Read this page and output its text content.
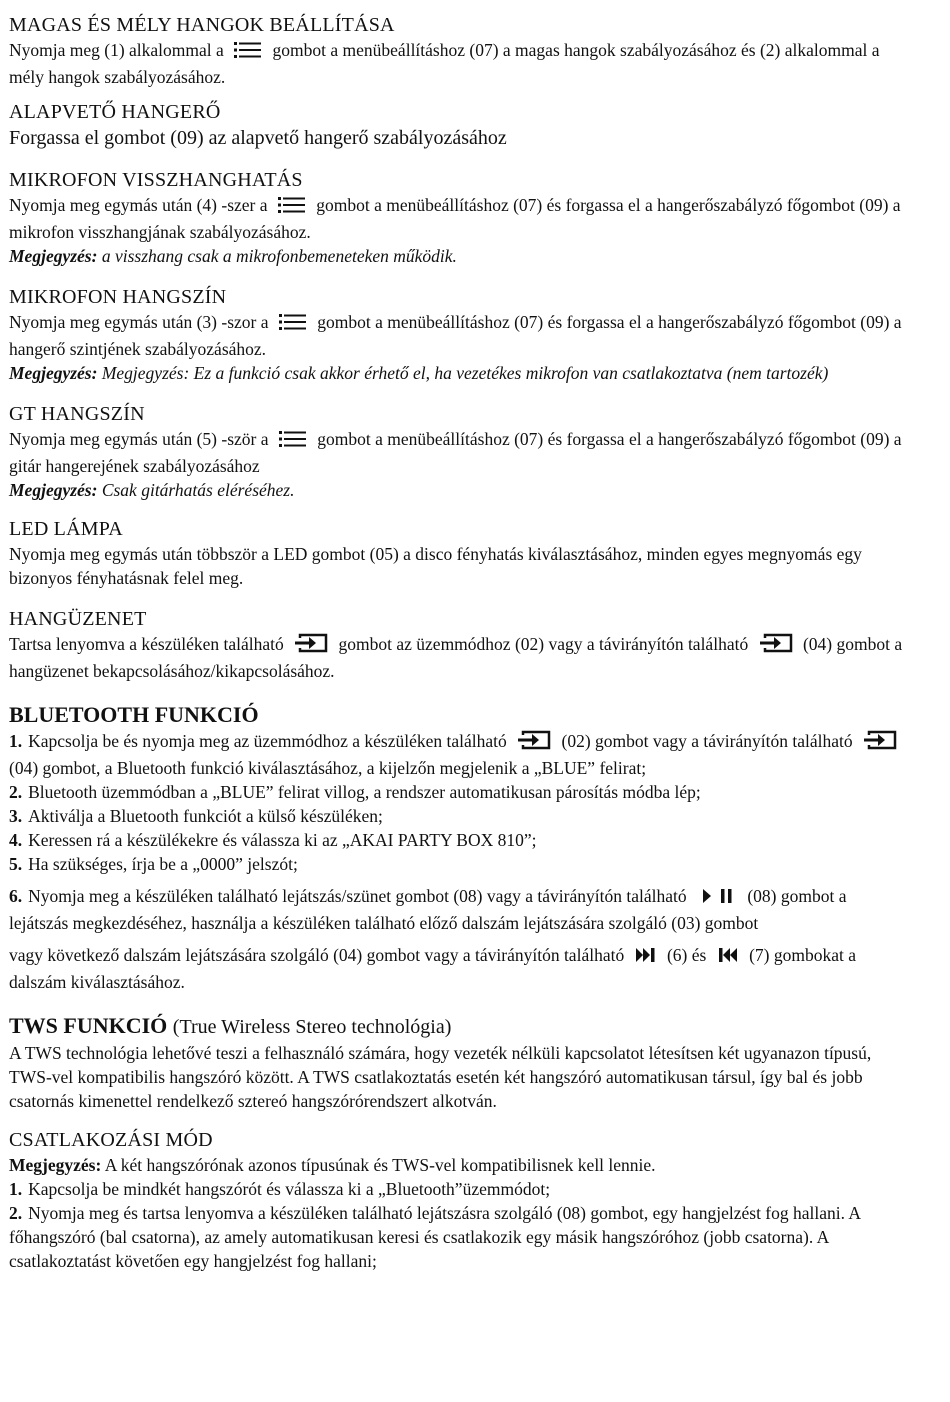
MAGAS ÉS MÉLY HANGOK BEÁLLÍTÁSA

Nyomja meg (1) alkalommal a	gombot a menübeállításhoz (07) a magas hangok szabályozásához és (2) alkalommal a mély hangok szabályozásához.

ALAPVETŐ HANGERŐ

Forgassa el gombot (09) az alapvető hangerő szabályozásához

MIKROFON VISSZHANGHATÁS

Nyomja meg egymás után (4) -szer a	gombot a menübeállításhoz (07) és forgassa el a hangerőszabályzó főgombot (09) a mikrofon visszhangjának szabályozásához.

Megjegyzés: a visszhang csak a mikrofonbemeneteken működik.

MIKROFON HANGSZÍN

Nyomja meg egymás után (3) -szor a	gombot a menübeállításhoz (07) és forgassa el a hangerőszabályzó főgombot (09) a hangerő szintjének szabályozásához.

Megjegyzés: Megjegyzés: Ez a funkció csak akkor érhető el, ha vezetékes mikrofon van csatlakoztatva (nem tartozék)

GT HANGSZÍN

Nyomja meg egymás után (5) -ször a	gombot a menübeállításhoz (07) és forgassa el a hangerőszabályzó főgombot (09) a gitár hangerejének szabályozásához

Megjegyzés: Csak gitárhatás eléréséhez.

LED LÁMPA

Nyomja meg egymás után többször a LED gombot (05) a disco fényhatás kiválasztásához, minden egyes megnyomás egy bizonyos fényhatásnak felel meg.

HANGÜZENET

Tartsa lenyomva a készüléken található	gombot az üzemmódhoz (02) vagy a távirányítón található	(04) gombot a hangüzenet bekapcsolásához/kikapcsolásához.

BLUETOOTH FUNKCIÓ

1. Kapcsolja be és nyomja meg az üzemmódhoz a készüléken található	(02) gombot vagy a távirányítón található  (04) gombot, a Bluetooth funkció kiválasztásához, a kijelzőn megjelenik a „BLUE” felirat;

2. Bluetooth üzemmódban a „BLUE” felirat villog, a rendszer automatikusan párosítás módba lép;

3. Aktiválja a Bluetooth funkciót a külső készüléken;

4. Keressen rá a készülékekre és válassza ki az „AKAI PARTY BOX 810”;

5. Ha szükséges, írja be a „0000” jelszót;

6. Nyomja meg a készüléken található lejátszás/szünet gombot (08) vagy a távirányítón található	(08) gombot a lejátszás megkezdéséhez, használja a készüléken található előző dalszám lejátszására szolgáló (03) gombot

vagy következő dalszám lejátszására szolgáló (04) gombot vagy a távirányítón található (6) és (7) gombokat a dalszám kiválasztásához.

TWS FUNKCIÓ (True Wireless Stereo technológia)

A TWS technológia lehetővé teszi a felhasználó számára, hogy vezeték nélküli kapcsolatot létesítsen két ugyanazon típusú, TWS-vel kompatibilis hangszóró között. A TWS csatlakoztatás esetén két hangszóró automatikusan társul, így bal és jobb csatornás kimenettel rendelkező sztereó hangszórórendszert alkotván.

CSATLAKOZÁSI MÓD

Megjegyzés: A két hangszórónak azonos típusúnak és TWS-vel kompatibilisnek kell lennie.

1. Kapcsolja be mindkét hangszórót és válassza ki a „Bluetooth”üzemmódot;

2. Nyomja meg és tartsa lenyomva a készüléken található lejátszásra szolgáló (08) gombot, egy hangjelzést fog hallani. A főhangszóró (bal csatorna), az amely automatikusan keresi és csatlakozik egy másik hangszóróhoz (jobb csatorna). A csatlakoztatást követően egy hangjelzést fog hallani;
